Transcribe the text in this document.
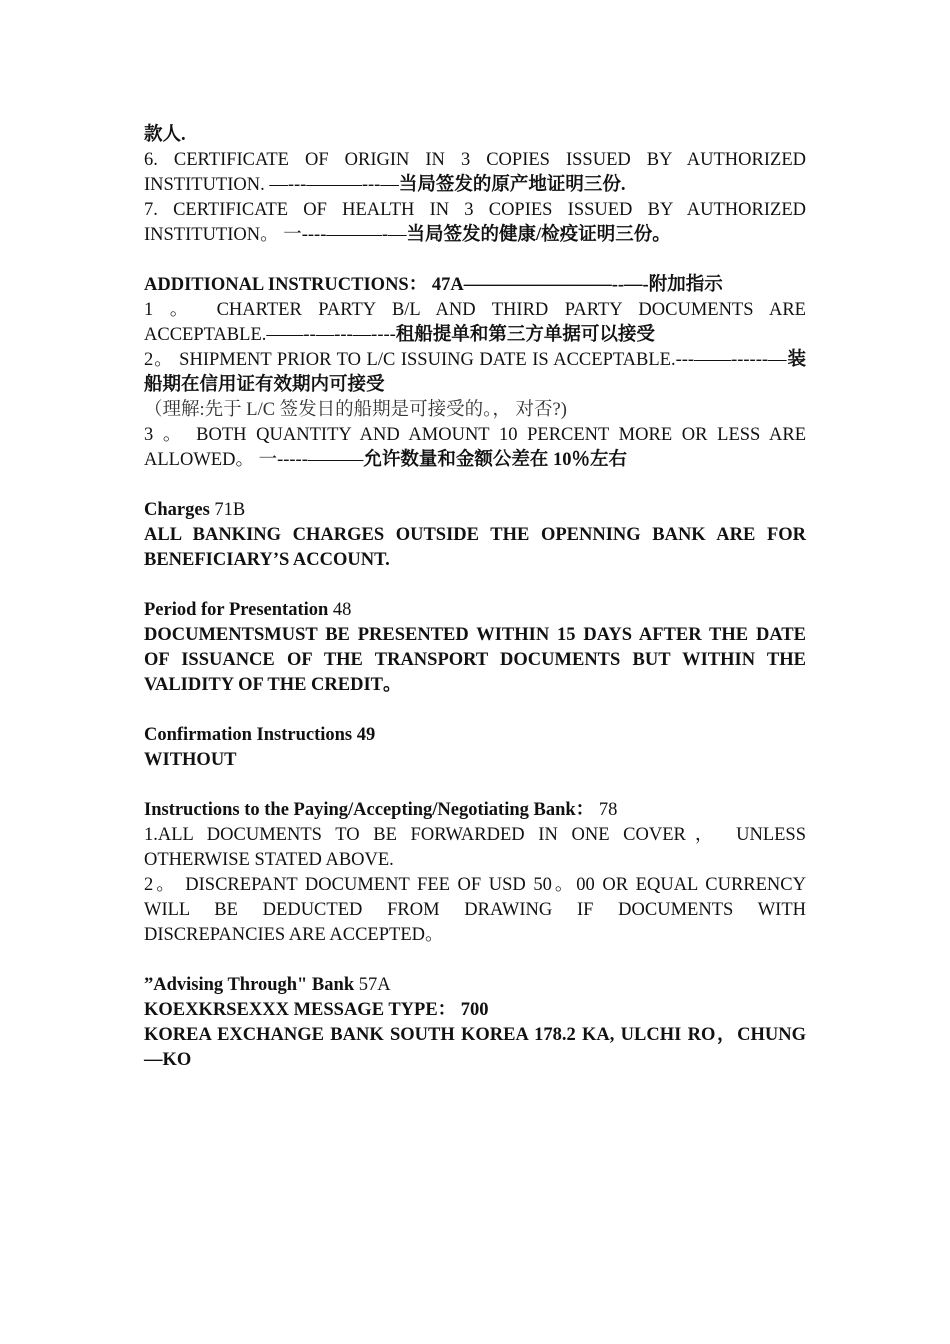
款人.

6. CERTIFICATE OF ORIGIN IN 3 COPIES ISSUED BY AUTHORIZED INSTITUTION. —---———---—当局签发的原产地证明三份.

7. CERTIFICATE OF HEALTH IN 3 COPIES ISSUED BY AUTHORIZED INSTITUTION。 一----———-—当局签发的健康/检疫证明三份。

ADDITIONAL INSTRUCTIONS： 47A————————--—-附加指示

1 。 CHARTER PARTY B/L AND THIRD PARTY DOCUMENTS ARE ACCEPTABLE.——--—---—----租船提单和第三方单据可以接受

2。 SHIPMENT PRIOR TO L/C ISSUING DATE IS ACCEPTABLE.---——------—装船期在信用证有效期内可接受

（理解:先于 L/C 签发日的船期是可接受的。， 对否?)

3 。 BOTH QUANTITY AND AMOUNT 10 PERCENT MORE OR LESS ARE ALLOWED。 一-----———允许数量和金额公差在 10％左右

Charges 71B

ALL BANKING CHARGES OUTSIDE THE OPENNING BANK ARE FOR BENEFICIARY’S ACCOUNT.

Period for Presentation 48

DOCUMENTSMUST BE PRESENTED WITHIN 15 DAYS AFTER THE DATE OF ISSUANCE OF THE TRANSPORT DOCUMENTS BUT WITHIN THE VALIDITY OF THE CREDIT。

Confirmation Instructions 49

WITHOUT

Instructions to the Paying/Accepting/Negotiating Bank： 78

1.ALL DOCUMENTS TO BE FORWARDED IN ONE COVER， UNLESS OTHERWISE STATED ABOVE.

2。 DISCREPANT DOCUMENT FEE OF USD 50。00 OR EQUAL CURRENCY WILL BE DEDUCTED FROM DRAWING IF DOCUMENTS WITH DISCREPANCIES ARE ACCEPTED。

”Advising Through" Bank 57A

KOEXKRSEXXX MESSAGE TYPE： 700

KOREA EXCHANGE BANK SOUTH KOREA 178.2 KA, ULCHI RO，CHUNG—KO
